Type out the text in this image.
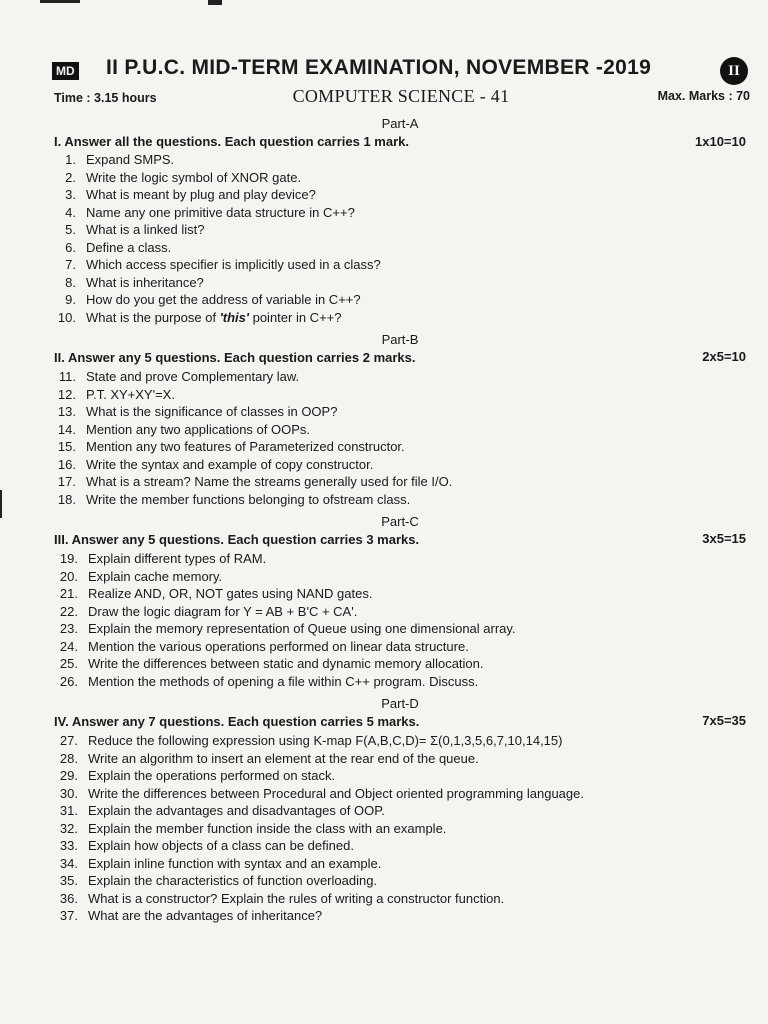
MD II P.U.C. MID-TERM EXAMINATION, NOVEMBER -2019	II
Time : 3.15 hours	COMPUTER SCIENCE - 41	Max. Marks : 70
Part-A
I. Answer all the questions. Each question carries 1 mark.	1x10=10
1. Expand SMPS.
2. Write the logic symbol of XNOR gate.
3. What is meant by plug and play device?
4. Name any one primitive data structure in C++?
5. What is a linked list?
6. Define a class.
7. Which access specifier is implicitly used in a class?
8. What is inheritance?
9. How do you get the address of variable in C++?
10. What is the purpose of 'this' pointer in C++?
Part-B
II. Answer any 5 questions. Each question carries 2 marks.	2x5=10
11. State and prove Complementary law.
12. P.T. XY+XY'=X.
13. What is the significance of classes in OOP?
14. Mention any two applications of OOPs.
15. Mention any two features of Parameterized constructor.
16. Write the syntax and example of copy constructor.
17. What is a stream? Name the streams generally used for file I/O.
18. Write the member functions belonging to ofstream class.
Part-C
III. Answer any 5 questions. Each question carries 3 marks.	3x5=15
19. Explain different types of RAM.
20. Explain cache memory.
21. Realize AND, OR, NOT gates using NAND gates.
22. Draw the logic diagram for Y = AB + B'C + CA'.
23. Explain the memory representation of Queue using one dimensional array.
24. Mention the various operations performed on linear data structure.
25. Write the differences between static and dynamic memory allocation.
26. Mention the methods of opening a file within C++ program. Discuss.
Part-D
IV. Answer any 7 questions. Each question carries 5 marks.	7x5=35
27. Reduce the following expression using K-map F(A,B,C,D)= Σ(0,1,3,5,6,7,10,14,15)
28. Write an algorithm to insert an element at the rear end of the queue.
29. Explain the operations performed on stack.
30. Write the differences between Procedural and Object oriented programming language.
31. Explain the advantages and disadvantages of OOP.
32. Explain the member function inside the class with an example.
33. Explain how objects of a class can be defined.
34. Explain inline function with syntax and an example.
35. Explain the characteristics of function overloading.
36. What is a constructor? Explain the rules of writing a constructor function.
37. What are the advantages of inheritance?
